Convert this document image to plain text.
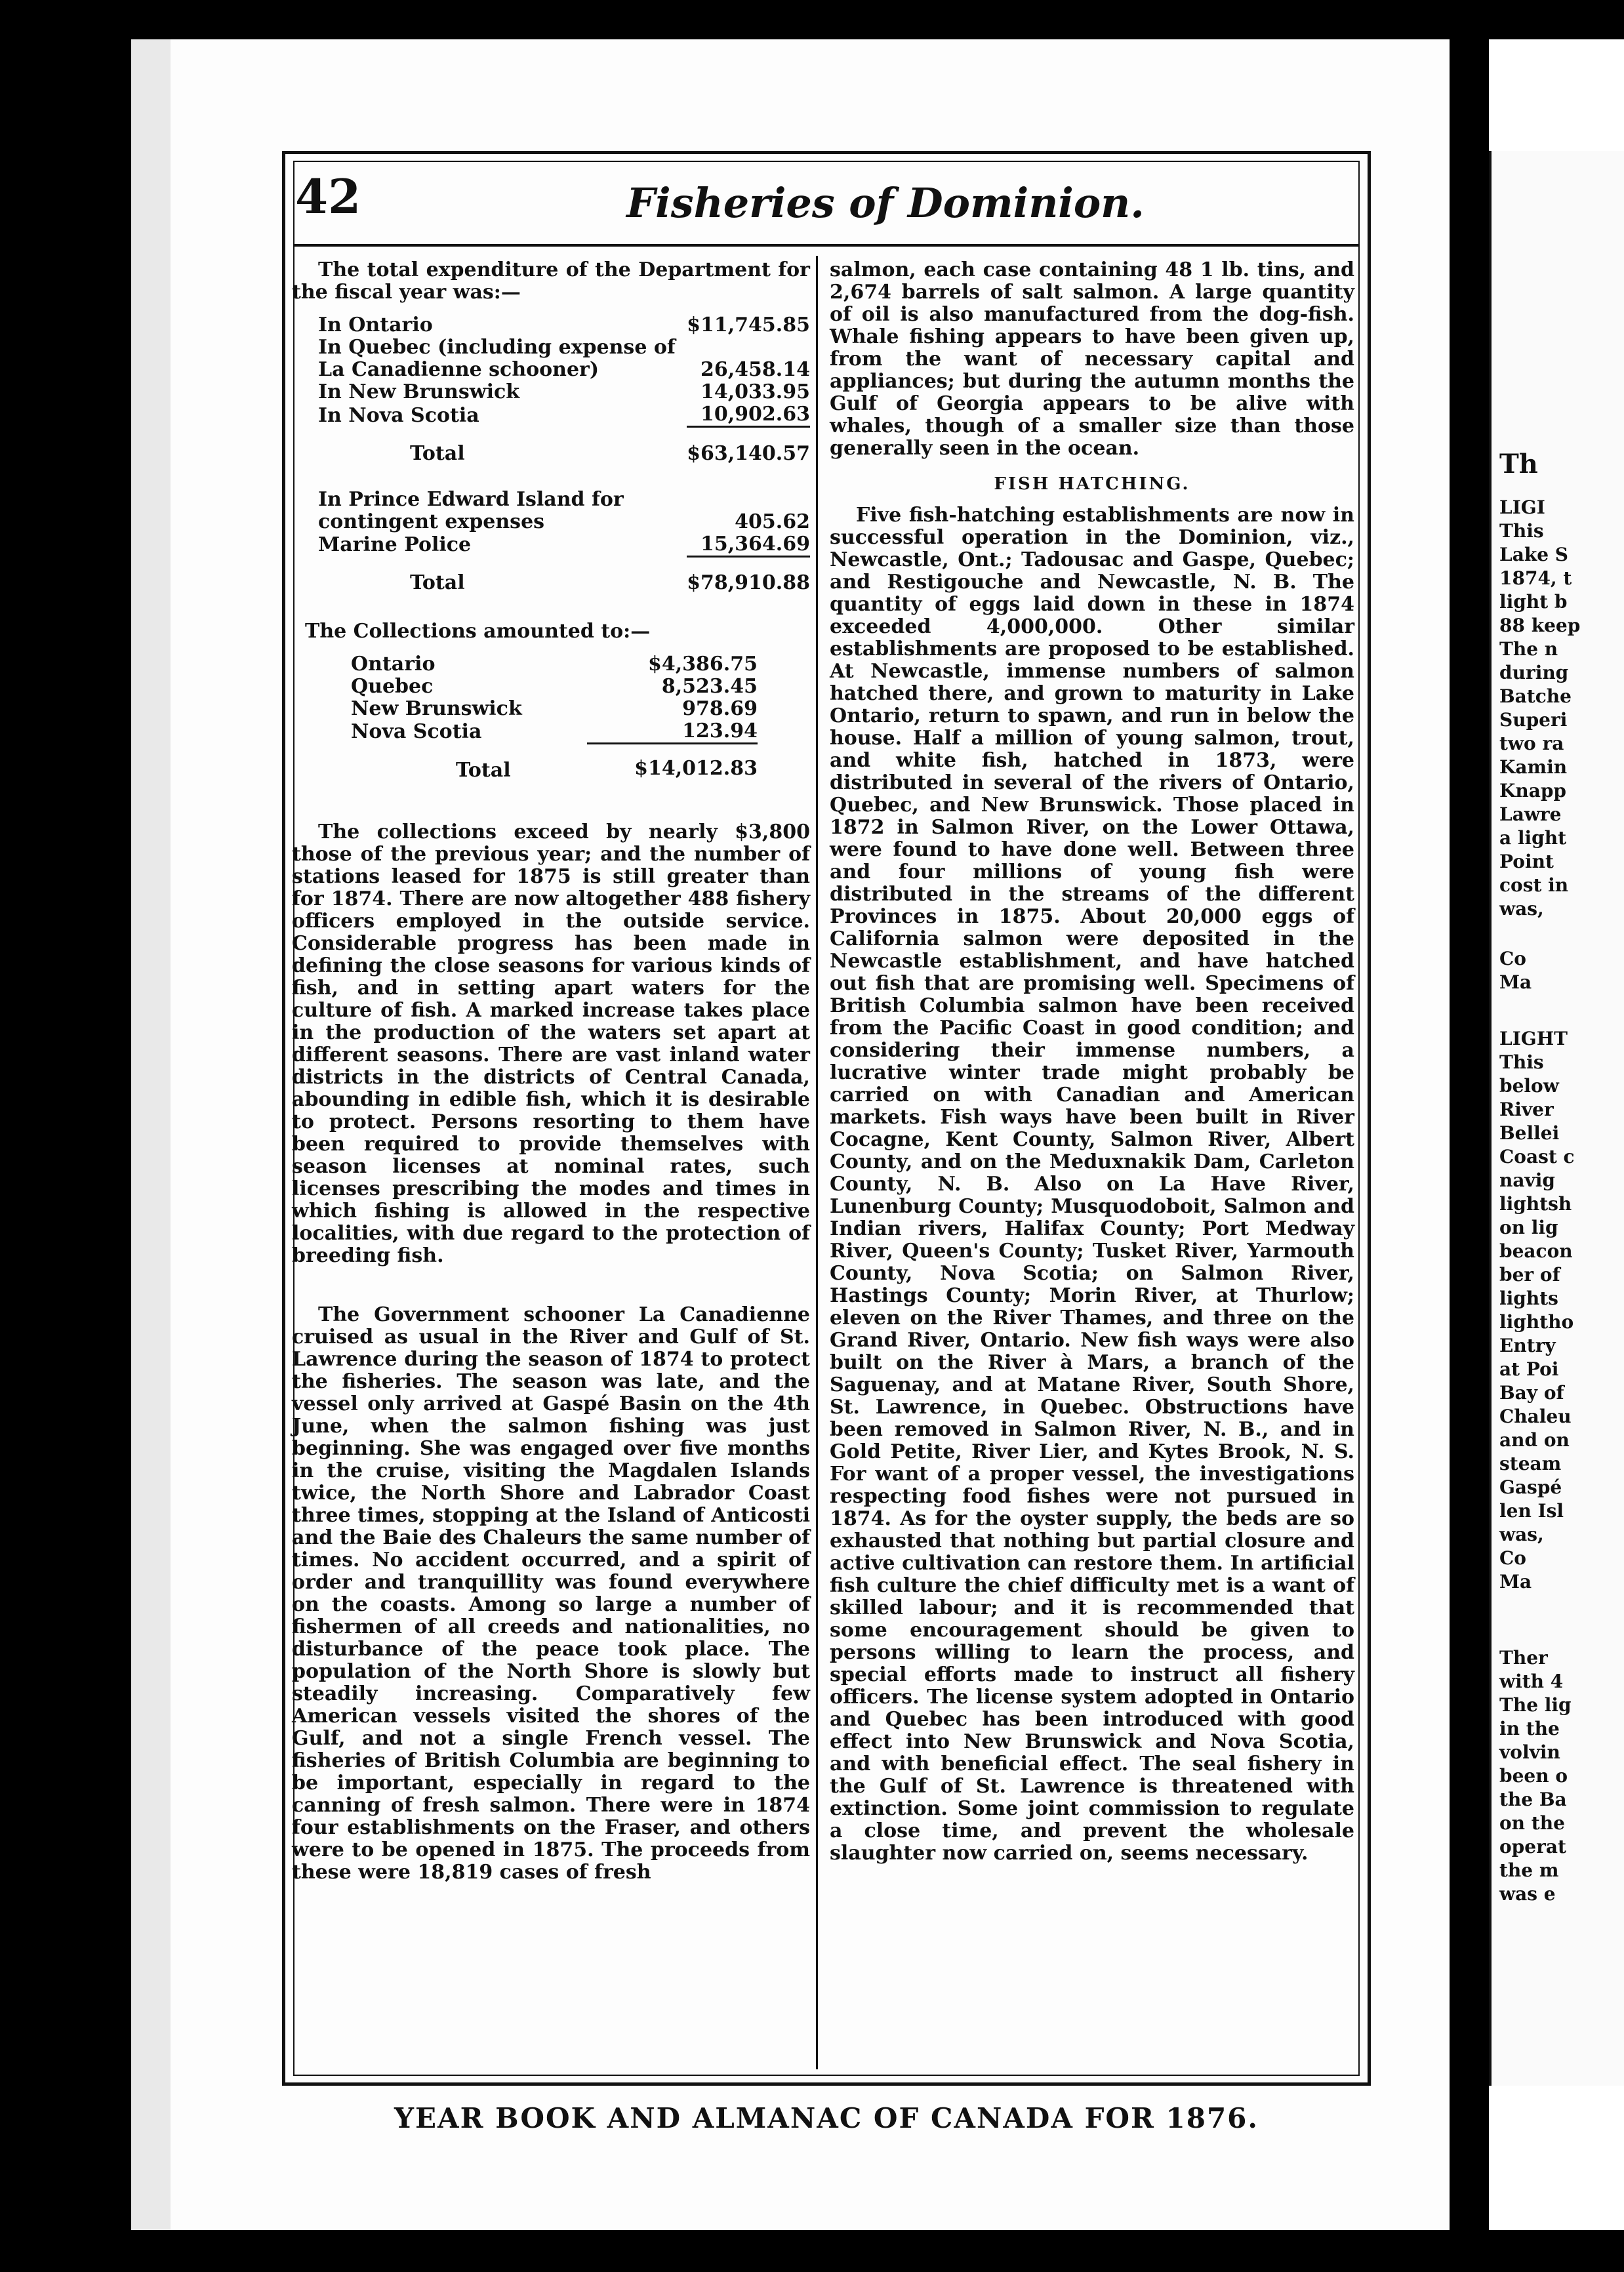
42	Fisheries of Dominion.

The total expenditure of the Department for the fiscal year was:—

In Ontario	$11,745.85
In Quebec (including expense of La Canadienne schooner)	26,458.14
In New Brunswick	14,033.95
In Nova Scotia	10,902.63
Total	$63,140.57
In Prince Edward Island for contingent expenses	405.62
Marine Police	15,364.69
Total	$78,910.88

The Collections amounted to:—

Ontario	$4,386.75
Quebec	8,523.45
New Brunswick	978.69
Nova Scotia	123.94
Total	$14,012.83

The collections exceed by nearly $3,800 those of the previous year; and the number of stations leased for 1875 is still greater than for 1874. There are now altogether 488 fishery officers employed in the outside service. Considerable progress has been made in defining the close seasons for various kinds of fish, and in setting apart waters for the culture of fish. A marked increase takes place in the production of the waters set apart at different seasons. There are vast inland water districts in the districts of Central Canada, abounding in edible fish, which it is desirable to protect. Persons resorting to them have been required to provide themselves with season licenses at nominal rates, such licenses prescribing the modes and times in which fishing is allowed in the respective localities, with due regard to the protection of breeding fish.

The Government schooner La Canadienne cruised as usual in the River and Gulf of St. Lawrence during the season of 1874 to protect the fisheries. The season was late, and the vessel only arrived at Gaspé Basin on the 4th June, when the salmon fishing was just beginning. She was engaged over five months in the cruise, visiting the Magdalen Islands twice, the North Shore and Labrador Coast three times, stopping at the Island of Anticosti and the Baie des Chaleurs the same number of times. No accident occurred, and a spirit of order and tranquillity was found everywhere on the coasts. Among so large a number of fishermen of all creeds and nationalities, no disturbance of the peace took place. The population of the North Shore is slowly but steadily increasing. Comparatively few American vessels visited the shores of the Gulf, and not a single French vessel. The fisheries of British Columbia are beginning to be important, especially in regard to the canning of fresh salmon. There were in 1874 four establishments on the Fraser, and others were to be opened in 1875. The proceeds from these were 18,819 cases of fresh

salmon, each case containing 48 1 lb. tins, and 2,674 barrels of salt salmon. A large quantity of oil is also manufactured from the dog-fish. Whale fishing appears to have been given up, from the want of necessary capital and appliances; but during the autumn months the Gulf of Georgia appears to be alive with whales, though of a smaller size than those generally seen in the ocean.

FISH HATCHING.

Five fish-hatching establishments are now in successful operation in the Dominion, viz., Newcastle, Ont.; Tadousac and Gaspe, Quebec; and Restigouche and Newcastle, N. B. The quantity of eggs laid down in these in 1874 exceeded 4,000,000. Other similar establishments are proposed to be established. At Newcastle, immense numbers of salmon hatched there, and grown to maturity in Lake Ontario, return to spawn, and run in below the house. Half a million of young salmon, trout, and white fish, hatched in 1873, were distributed in several of the rivers of Ontario, Quebec, and New Brunswick. Those placed in 1872 in Salmon River, on the Lower Ottawa, were found to have done well. Between three and four millions of young fish were distributed in the streams of the different Provinces in 1875. About 20,000 eggs of California salmon were deposited in the Newcastle establishment, and have hatched out fish that are promising well. Specimens of British Columbia salmon have been received from the Pacific Coast in good condition; and considering their immense numbers, a lucrative winter trade might probably be carried on with Canadian and American markets. Fish ways have been built in River Cocagne, Kent County, Salmon River, Albert County, and on the Meduxnakik Dam, Carleton County, N. B. Also on La Have River, Lunenburg County; Musquodoboit, Salmon and Indian rivers, Halifax County; Port Medway River, Queen's County; Tusket River, Yarmouth County, Nova Scotia; on Salmon River, Hastings County; Morin River, at Thurlow; eleven on the River Thames, and three on the Grand River, Ontario. New fish ways were also built on the River à Mars, a branch of the Saguenay, and at Matane River, South Shore, St. Lawrence, in Quebec. Obstructions have been removed in Salmon River, N. B., and in Gold Petite, River Lier, and Kytes Brook, N. S. For want of a proper vessel, the investigations respecting food fishes were not pursued in 1874. As for the oyster supply, the beds are so exhausted that nothing but partial closure and active cultivation can restore them. In artificial fish culture the chief difficulty met is a want of skilled labour; and it is recommended that some encouragement should be given to persons willing to learn the process, and special efforts made to instruct all fishery officers. The license system adopted in Ontario and Quebec has been introduced with good effect into New Brunswick and Nova Scotia, and with beneficial effect. The seal fishery in the Gulf of St. Lawrence is threatened with extinction. Some joint commission to regulate a close time, and prevent the wholesale slaughter now carried on, seems necessary.

YEAR BOOK AND ALMANAC OF CANADA FOR 1876.
Th
LIGI
This
Lake S
1874, t
light b
88 keep
The n
during
Batche
Superi
two ra
Kamin
Knapp
Lawre
a light
Point
cost in
was,
Co
Ma
LIGHT
This
below
River
Bellei
Coast c
navig
lightsh
on lig
beacon
ber of
lights
lightho
Entry
at Poi
Bay of
Chaleu
and on
steam
Gaspé
len Isl
was,
Co
Ma
Ther
with 4
The lig
in the
volvin
been o
the Ba
on the
operat
the m
was e
